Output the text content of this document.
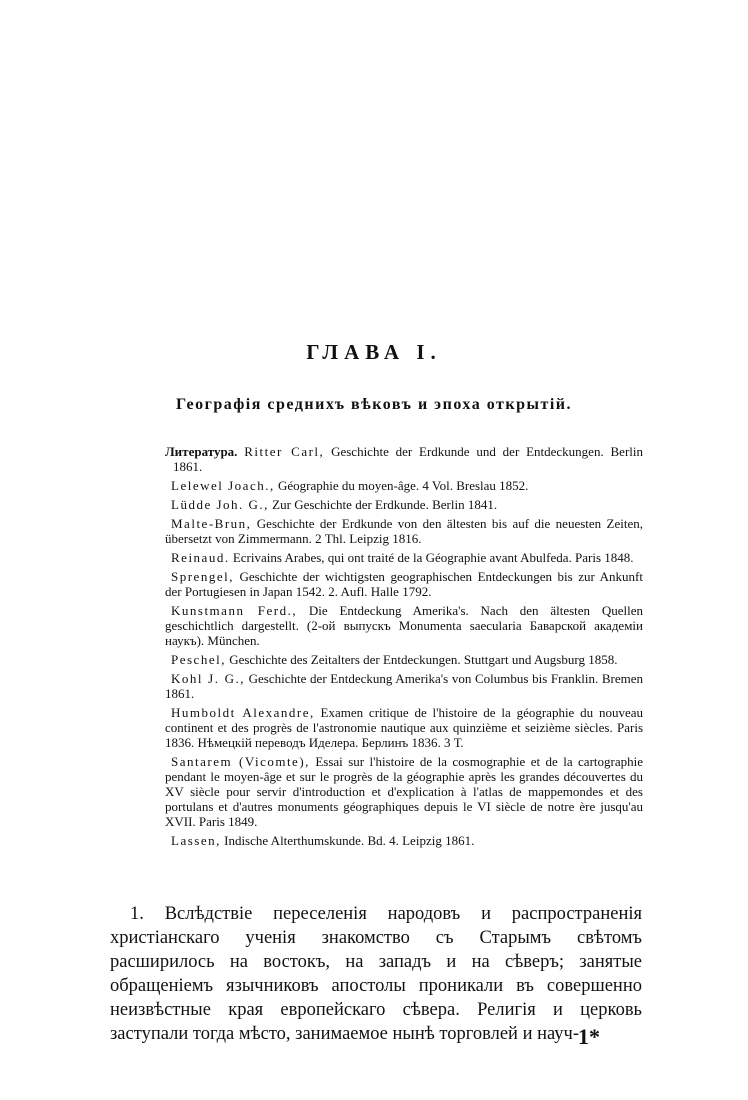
ГЛАВА I.
Географія среднихъ вѣковъ и эпоха открытій.

Литература. Ritter Carl, Geschichte der Erdkunde und der Entdeckungen. Berlin 1861.

Lelewel Joach., Géographie du moyen-âge. 4 Vol. Breslau 1852.

Lüdde Joh. G., Zur Geschichte der Erdkunde. Berlin 1841.

Malte-Brun, Geschichte der Erdkunde von den ältesten bis auf die neuesten Zeiten, übersetzt von Zimmermann. 2 Thl. Leipzig 1816.

Reinaud. Ecrivains Arabes, qui ont traité de la Géographie avant Abulfeda. Paris 1848.

Sprengel, Geschichte der wichtigsten geographischen Entdeckungen bis zur Ankunft der Portugiesen in Japan 1542. 2. Aufl. Halle 1792.

Kunstmann Ferd., Die Entdeckung Amerika's. Nach den ältesten Quellen geschichtlich dargestellt. (2-ой выпускъ Monumenta saecularia Баварской академіи наукъ). München.

Peschel, Geschichte des Zeitalters der Entdeckungen. Stuttgart und Augsburg 1858.

Kohl J. G., Geschichte der Entdeckung Amerika's von Columbus bis Franklin. Bremen 1861.

Humboldt Alexandre, Examen critique de l'histoire de la géographie du nouveau continent et des progrès de l'astronomie nautique aux quinzième et seizième siècles. Paris 1836. Нѣмецкій переводъ Иделера. Берлинъ 1836. 3 Т.

Santarem (Vicomte), Essai sur l'histoire de la cosmographie et de la cartographie pendant le moyen-âge et sur le progrès de la géographie après les grandes découvertes du XV siècle pour servir d'introduction et d'explication à l'atlas de mappemondes et des portulans et d'autres monuments géographiques depuis le VI siècle de notre ère jusqu'au XVII. Paris 1849.

Lassen, Indische Alterthumskunde. Bd. 4. Leipzig 1861.

1. Вслѣдствіе переселенія народовъ и распространенія христіанскаго ученія знакомство съ Старымъ свѣтомъ расширилось на востокъ, на западъ и на сѣверъ; занятые обращеніемъ язычниковъ апостолы проникали въ совершенно неизвѣстные края европейскаго сѣвера. Религія и церковь заступали тогда мѣсто, занимаемое нынѣ торговлей и науч- 1*
